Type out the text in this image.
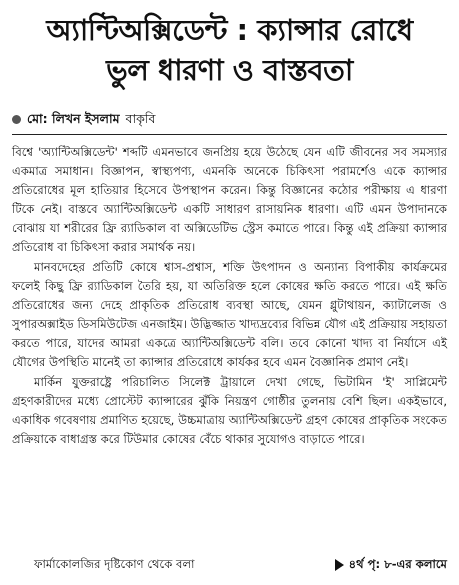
অ্যান্টিঅক্সিডেন্ট : ক্যান্সার রোধে
ভুল ধারণা ও বাস্তবতা
মো: লিখন ইসলাম বাকৃবি

বিশ্বে 'অ্যান্টিঅক্সিডেন্ট' শব্দটি এমনভাবে জনপ্রিয় হয়ে উঠেছে যেন এটি জীবনের সব সমস্যার একমাত্র সমাধান। বিজ্ঞাপন, স্বাস্থ্যপণ্য, এমনকি অনেকে চিকিৎসা পরামর্শেও একে ক্যান্সার প্রতিরোধের মূল হাতিয়ার হিসেবে উপস্থাপন করেন। কিন্তু বিজ্ঞানের কঠোর পরীক্ষায় এ ধারণা টিকে নেই। বাস্তবে অ্যান্টিঅক্সিডেন্ট একটি সাধারণ রাসায়নিক ধারণা। এটি এমন উপাদানকে বোঝায় যা শরীরের ফ্রি র‍্যাডিকাল বা অক্সিডেটিভ স্ট্রেস কমাতে পারে। কিন্তু এই প্রক্রিয়া ক্যান্সার প্রতিরোধ বা চিকিৎসা করার সমার্থক নয়।

মানবদেহের প্রতিটি কোষে শ্বাস-প্রশ্বাস, শক্তি উৎপাদন ও অন্যান্য বিপাকীয় কার্যক্রমের ফলেই কিছু ফ্রি র‍্যাডিকাল তৈরি হয়, যা অতিরিক্ত হলে কোষের ক্ষতি করতে পারে। এই ক্ষতি প্রতিরোধের জন্য দেহে প্রাকৃতিক প্রতিরোধ ব্যবস্থা আছে, যেমন গ্লুটাথায়ন, ক্যাটালেজ ও সুপারঅক্সাইড ডিসমিউটেজ এনজাইম। উদ্ভিজ্জাত খাদ্যদ্রব্যের বিভিন্ন যৌগ এই প্রক্রিয়ায় সহায়তা করতে পারে, যাদের আমরা একত্রে অ্যান্টিঅক্সিডেন্ট বলি। তবে কোনো খাদ্য বা নির্যাসে এই যৌগের উপস্থিতি মানেই তা ক্যান্সার প্রতিরোধে কার্যকর হবে এমন বৈজ্ঞানিক প্রমাণ নেই।

মার্কিন যুক্তরাষ্ট্রে পরিচালিত সিলেক্ট ট্রায়ালে দেখা গেছে, ভিটামিন 'ই' সাপ্লিমেন্ট গ্রহণকারীদের মধ্যে প্রোস্টেট ক্যান্সারের ঝুঁকি নিয়ন্ত্রণ গোষ্ঠীর তুলনায় বেশি ছিল। একইভাবে, একাধিক গবেষণায় প্রমাণিত হয়েছে, উচ্চমাত্রায় অ্যান্টিঅক্সিডেন্ট গ্রহণ কোষের প্রাকৃতিক সংকেত প্রক্রিয়াকে বাধাগ্রস্ত করে টিউমার কোষের বেঁচে থাকার সুযোগও বাড়াতে পারে।

ফার্মাকোলজির দৃষ্টিকোণ থেকে বলা	৪র্থ পৃ: ৮-এর কলামে
